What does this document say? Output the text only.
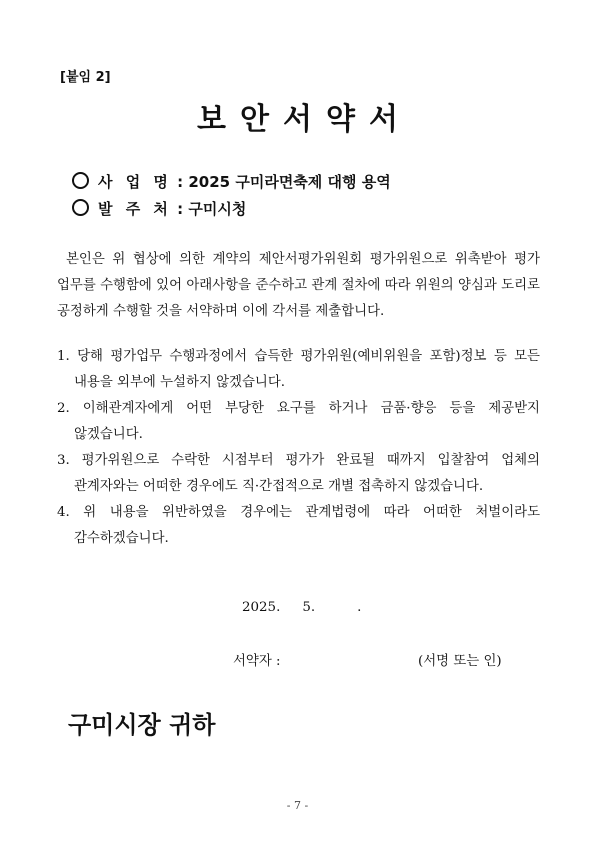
[붙임 2]
보안서약서
사 업 명 : 2025 구미라면축제 대행 용역
발 주 처 : 구미시청
본인은 위 협상에 의한 계약의 제안서평가위원회 평가위원으로 위촉받아 평가 업무를 수행함에 있어 아래사항을 준수하고 관계 절차에 따라 위원의 양심과 도리로 공정하게 수행할 것을 서약하며 이에 각서를 제출합니다.
1. 당해 평가업무 수행과정에서 습득한 평가위원(예비위원을 포함)정보 등 모든 내용을 외부에 누설하지 않겠습니다.
2. 이해관계자에게 어떤 부당한 요구를 하거나 금품·향응 등을 제공받지 않겠습니다.
3. 평가위원으로 수락한 시점부터 평가가 완료될 때까지 입찰참여 업체의 관계자와는 어떠한 경우에도 직·간접적으로 개별 접촉하지 않겠습니다.
4. 위 내용을 위반하였을 경우에는 관계법령에 따라 어떠한 처벌이라도 감수하겠습니다.
2025. 5.	.
서약자 :	(서명 또는 인)
구미시장 귀하
- 7 -
